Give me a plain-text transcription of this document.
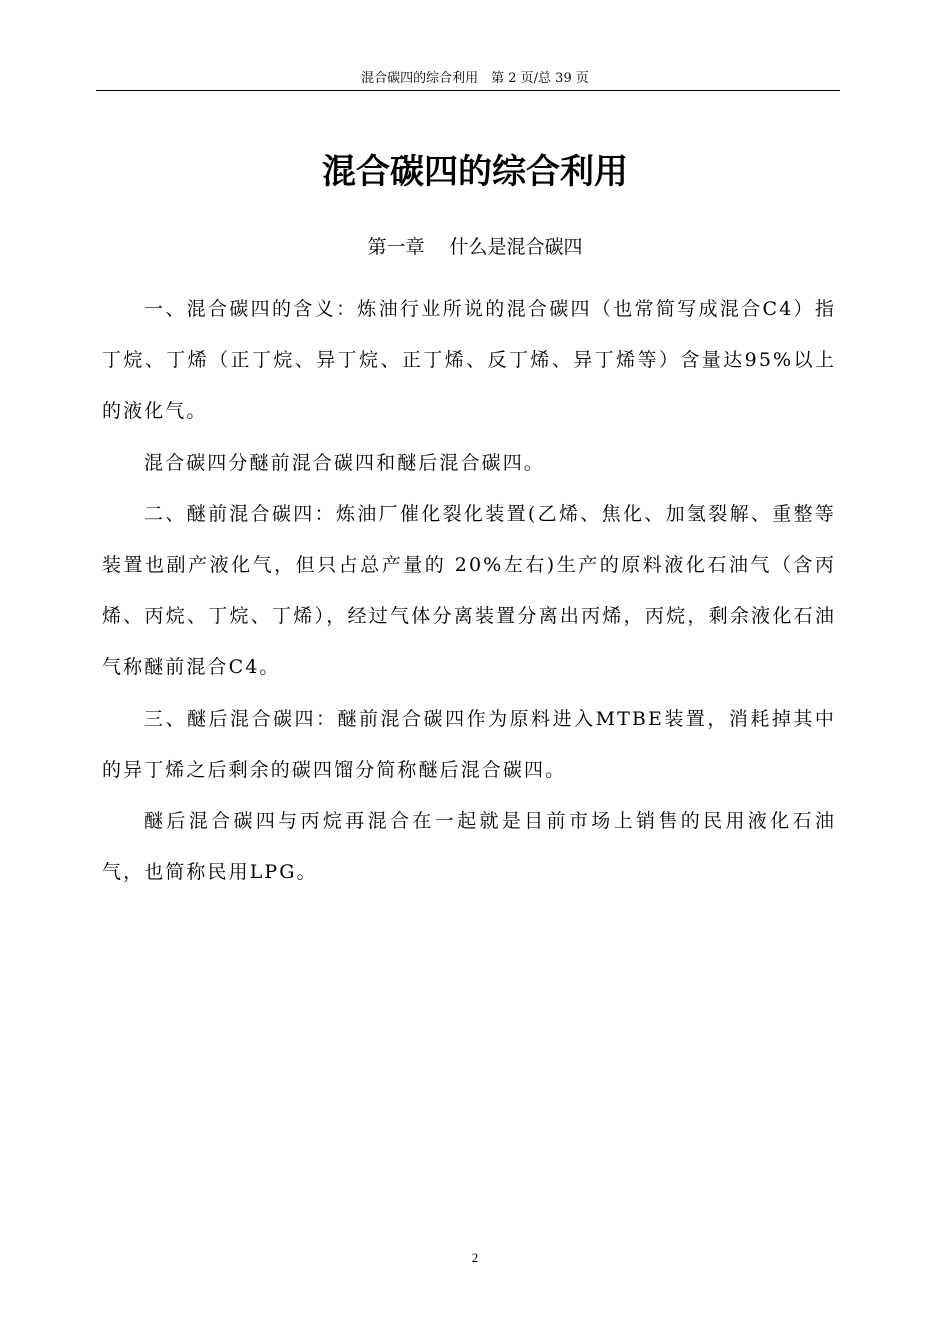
混合碳四的综合利用　第 2 页/总 39 页
混合碳四的综合利用
第一章　 什么是混合碳四

一、混合碳四的含义：炼油行业所说的混合碳四（也常简写成混合C4）指丁烷、丁烯（正丁烷、异丁烷、正丁烯、反丁烯、异丁烯等）含量达95%以上的液化气。

混合碳四分醚前混合碳四和醚后混合碳四。

二、醚前混合碳四：炼油厂催化裂化装置(乙烯、焦化、加氢裂解、重整等装置也副产液化气，但只占总产量的 20%左右)生产的原料液化石油气（含丙烯、丙烷、丁烷、丁烯），经过气体分离装置分离出丙烯，丙烷，剩余液化石油气称醚前混合C4。

三、醚后混合碳四：醚前混合碳四作为原料进入MTBE装置，消耗掉其中的异丁烯之后剩余的碳四馏分简称醚后混合碳四。

醚后混合碳四与丙烷再混合在一起就是目前市场上销售的民用液化石油气，也简称民用LPG。

2
